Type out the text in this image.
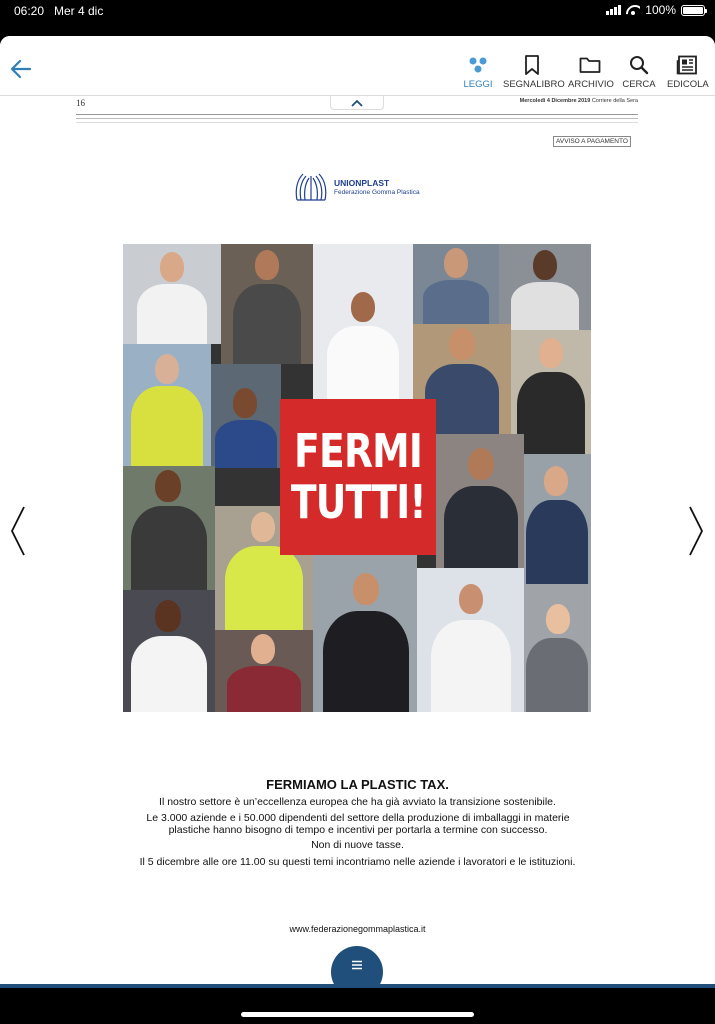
06:20 Mer 4 dic	100%
LEGGI SEGNALIBRO ARCHIVIO CERCA EDICOLA
16	Mercoledì 4 Dicembre 2019 Corriere della Sera
AVVISO A PAGAMENTO
UNIONPLAST
Federazione Gomma Plastica
FERMI
TUTTI!
FERMIAMO LA PLASTIC TAX.
Il nostro settore è un’eccellenza europea che ha già avviato la transizione sostenibile.
Le 3.000 aziende e i 50.000 dipendenti del settore della produzione di imballaggi in materie plastiche hanno bisogno di tempo e incentivi per portarla a termine con successo.
Non di nuove tasse.
Il 5 dicembre alle ore 11.00 su questi temi incontriamo nelle aziende i lavoratori e le istituzioni.
www.federazionegommaplastica.it
